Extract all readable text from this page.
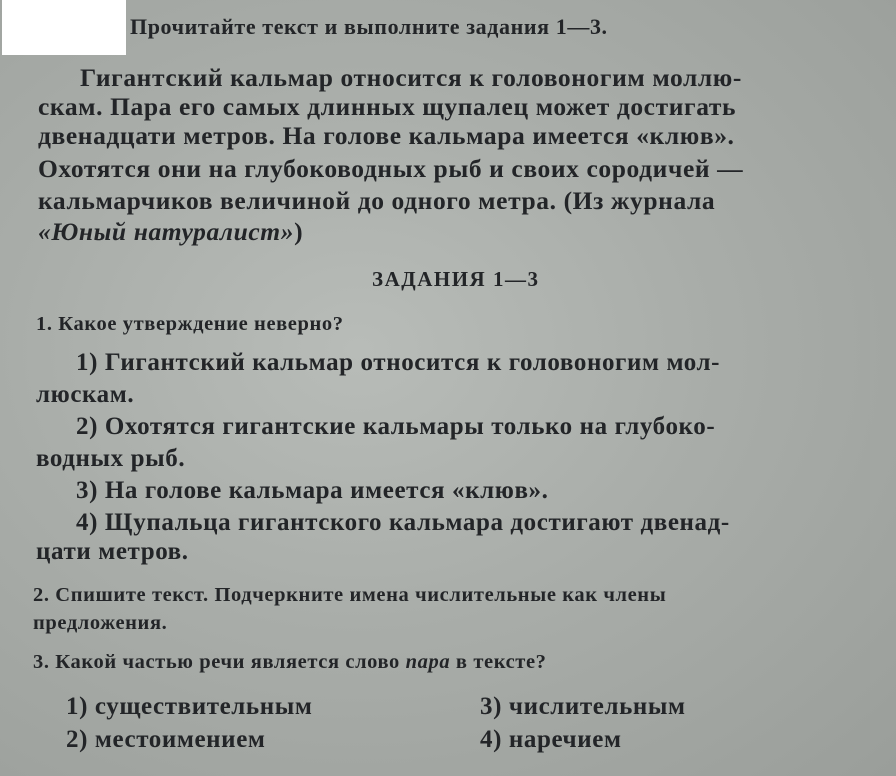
Прочитайте текст и выполните задания 1—3.
Гигантский кальмар относится к головоногим моллю-
скам. Пара его самых длинных щупалец может достигать
двенадцати метров. На голове кальмара имеется «клюв».
Охотятся они на глубоководных рыб и своих сородичей —
кальмарчиков величиной до одного метра. (Из журнала
«Юный натуралист»)
ЗАДАНИЯ 1—3
1. Какое утверждение неверно?
1) Гигантский кальмар относится к головоногим мол-
люскам.
2) Охотятся гигантские кальмары только на глубоко-
водных рыб.
3) На голове кальмара имеется «клюв».
4) Щупальца гигантского кальмара достигают двенад-
цати метров.
2. Спишите текст. Подчеркните имена числительные как члены
предложения.
3. Какой частью речи является слово пара в тексте?
1) существительным
2) местоимением
3) числительным
4) наречием
